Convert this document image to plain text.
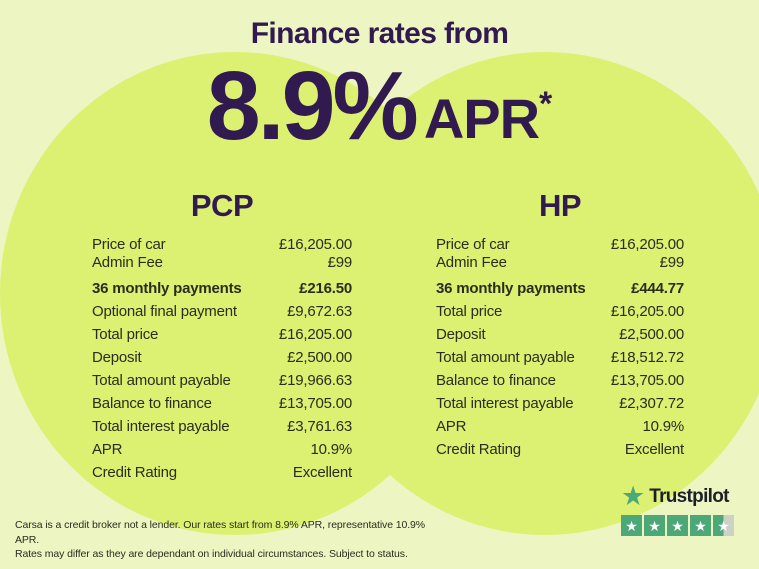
Finance rates from
8.9% APR *
PCP
Price of car	£16,205.00
Admin Fee	£99
36 monthly payments	£216.50
Optional final payment	£9,672.63
Total price	£16,205.00
Deposit	£2,500.00
Total amount payable	£19,966.63
Balance to finance	£13,705.00
Total interest payable	£3,761.63
APR	10.9%
Credit Rating	Excellent
HP
Price of car	£16,205.00
Admin Fee	£99
36 monthly payments	£444.77
Total price	£16,205.00
Deposit	£2,500.00
Total amount payable £18,512.72
Balance to finance	£13,705.00
Total interest payable	£2,307.72
APR	10.9%
Credit Rating	Excellent
Carsa is a credit broker not a lender. Our rates start from 8.9% APR, representative 10.9% APR.
Rates may differ as they are dependant on individual circumstances. Subject to status.
★ Trustpilot
★ ★ ★ ★ ★
